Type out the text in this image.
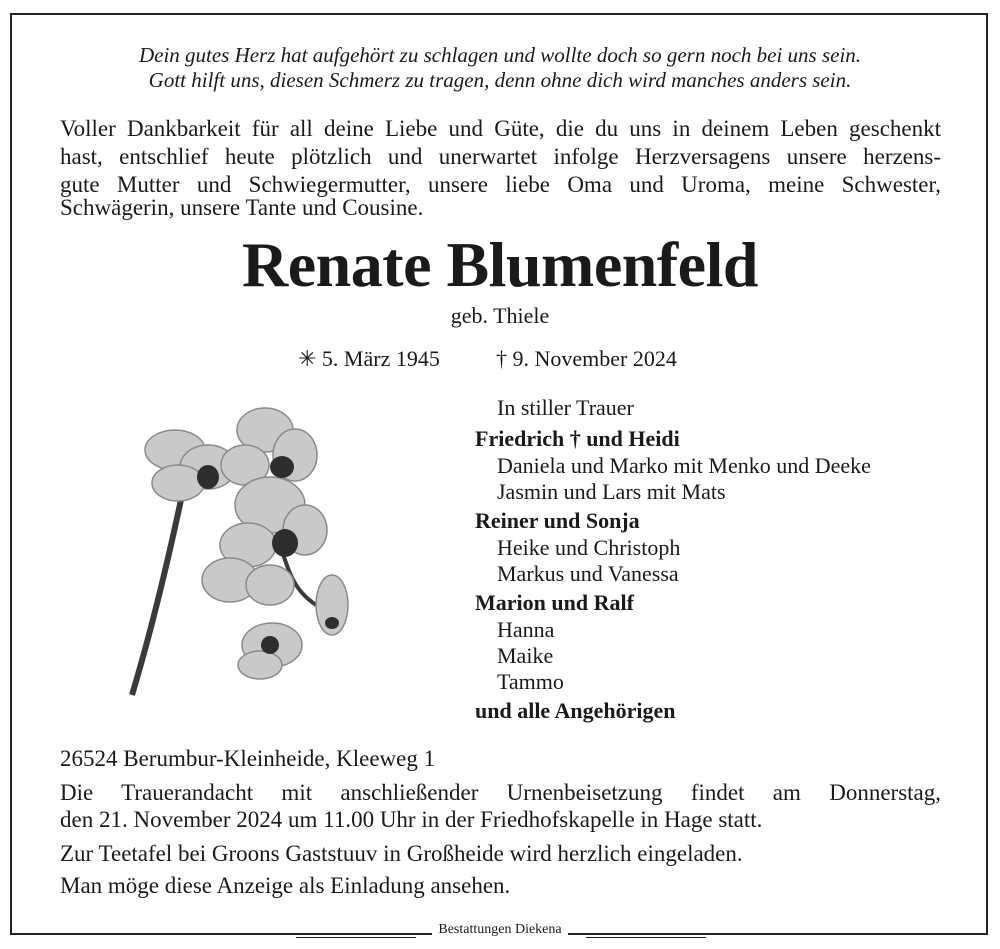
Dein gutes Herz hat aufgehört zu schlagen und wollte doch so gern noch bei uns sein.
Gott hilft uns, diesen Schmerz zu tragen, denn ohne dich wird manches anders sein.
Voller Dankbarkeit für all deine Liebe und Güte, die du uns in deinem Leben geschenkt
hast, entschlief heute plötzlich und unerwartet infolge Herzversagens unsere herzens-
gute Mutter und Schwiegermutter, unsere liebe Oma und Uroma, meine Schwester,
Schwägerin, unsere Tante und Cousine.
Renate Blumenfeld
geb. Thiele
✳ 5. März 1945	† 9. November 2024
In stiller Trauer
Friedrich † und Heidi
Daniela und Marko mit Menko und Deeke
Jasmin und Lars mit Mats
Reiner und Sonja
Heike und Christoph
Markus und Vanessa
Marion und Ralf
Hanna
Maike
Tammo
und alle Angehörigen
26524 Berumbur-Kleinheide, Kleeweg 1
Die Trauerandacht mit anschließender Urnenbeisetzung findet am Donnerstag,
den 21. November 2024 um 11.00 Uhr in der Friedhofskapelle in Hage statt.
Zur Teetafel bei Groons Gaststuuv in Großheide wird herzlich eingeladen.
Man möge diese Anzeige als Einladung ansehen.
Bestattungen Diekena
